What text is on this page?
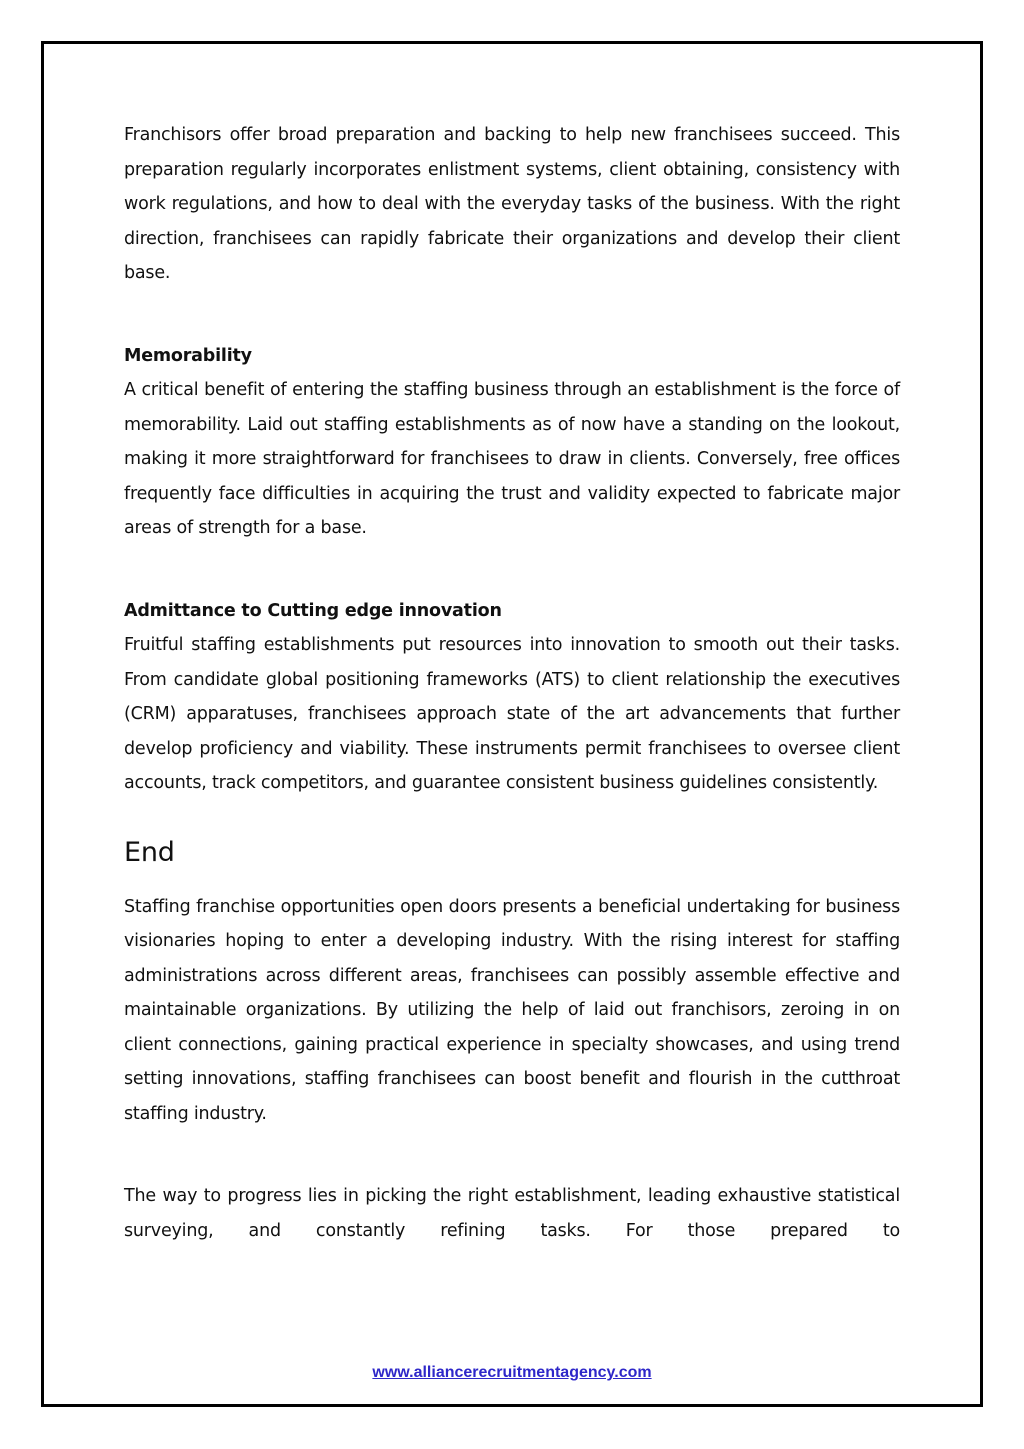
Franchisors offer broad preparation and backing to help new franchisees succeed. This preparation regularly incorporates enlistment systems, client obtaining, consistency with work regulations, and how to deal with the everyday tasks of the business. With the right direction, franchisees can rapidly fabricate their organizations and develop their client base.

Memorability

A critical benefit of entering the staffing business through an establishment is the force of memorability. Laid out staffing establishments as of now have a standing on the lookout, making it more straightforward for franchisees to draw in clients. Conversely, free offices frequently face difficulties in acquiring the trust and validity expected to fabricate major areas of strength for a base.

Admittance to Cutting edge innovation

Fruitful staffing establishments put resources into innovation to smooth out their tasks. From candidate global positioning frameworks (ATS) to client relationship the executives (CRM) apparatuses, franchisees approach state of the art advancements that further develop proficiency and viability. These instruments permit franchisees to oversee client accounts, track competitors, and guarantee consistent business guidelines consistently.

End

Staffing franchise opportunities open doors presents a beneficial undertaking for business visionaries hoping to enter a developing industry. With the rising interest for staffing administrations across different areas, franchisees can possibly assemble effective and maintainable organizations. By utilizing the help of laid out franchisors, zeroing in on client connections, gaining practical experience in specialty showcases, and using trend setting innovations, staffing franchisees can boost benefit and flourish in the cutthroat staffing industry.

The way to progress lies in picking the right establishment, leading exhaustive statistical surveying, and constantly refining tasks. For those prepared to

www.alliancerecruitmentagency.com
